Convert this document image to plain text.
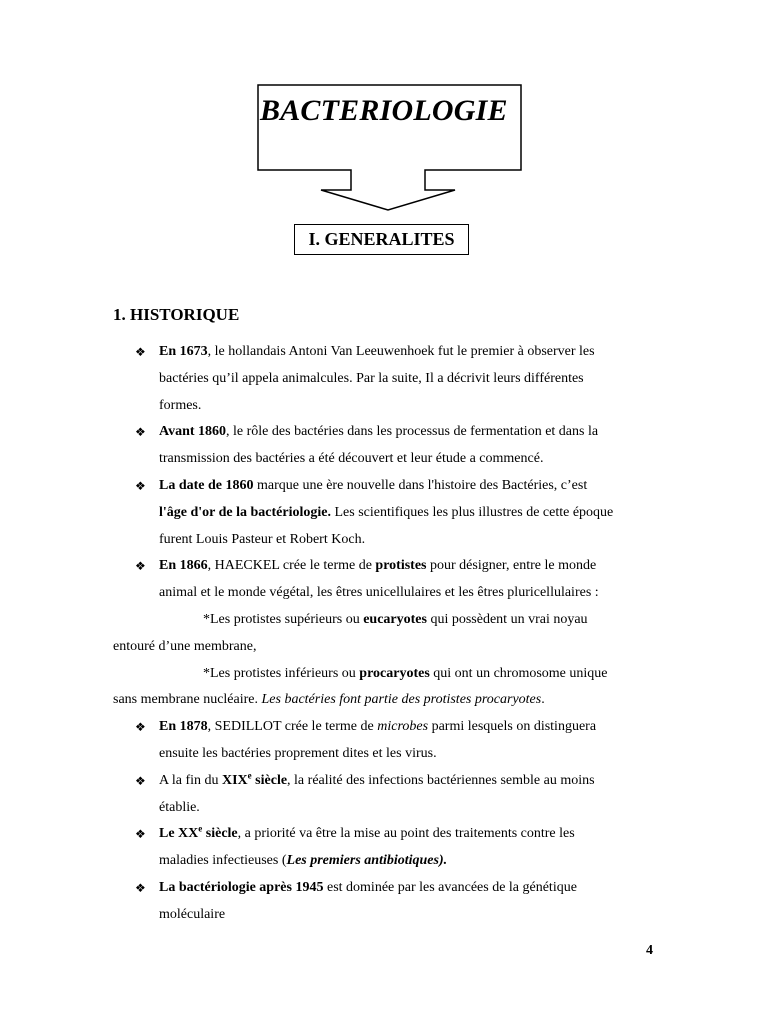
BACTERIOLOGIE
I. GENERALITES
1. HISTORIQUE
❖ En 1673, le hollandais Antoni Van Leeuwenhoek fut le premier à observer les
bactéries qu’il appela animalcules. Par la suite, Il a décrivit leurs différentes
formes.
❖ Avant 1860, le rôle des bactéries dans les processus de fermentation et dans la
transmission des bactéries a été découvert et leur étude a commencé.
❖ La date de 1860 marque une ère nouvelle dans l'histoire des Bactéries, c’est
l'âge d'or de la bactériologie. Les scientifiques les plus illustres de cette époque
furent Louis Pasteur et Robert Koch.
❖ En 1866, HAECKEL crée le terme de protistes pour désigner, entre le monde
animal et le monde végétal, les êtres unicellulaires et les êtres pluricellulaires :
*Les protistes supérieurs ou eucaryotes qui possèdent un vrai noyau
entouré d’une membrane,
*Les protistes inférieurs ou procaryotes qui ont un chromosome unique
sans membrane nucléaire. Les bactéries font partie des protistes procaryotes.
❖ En 1878, SEDILLOT crée le terme de microbes parmi lesquels on distinguera
ensuite les bactéries proprement dites et les virus.
❖ A la fin du XIXe siècle, la réalité des infections bactériennes semble au moins
établie.
❖ Le XXe siècle, a priorité va être la mise au point des traitements contre les
maladies infectieuses (Les premiers antibiotiques).
❖ La bactériologie après 1945 est dominée par les avancées de la génétique
moléculaire
4
